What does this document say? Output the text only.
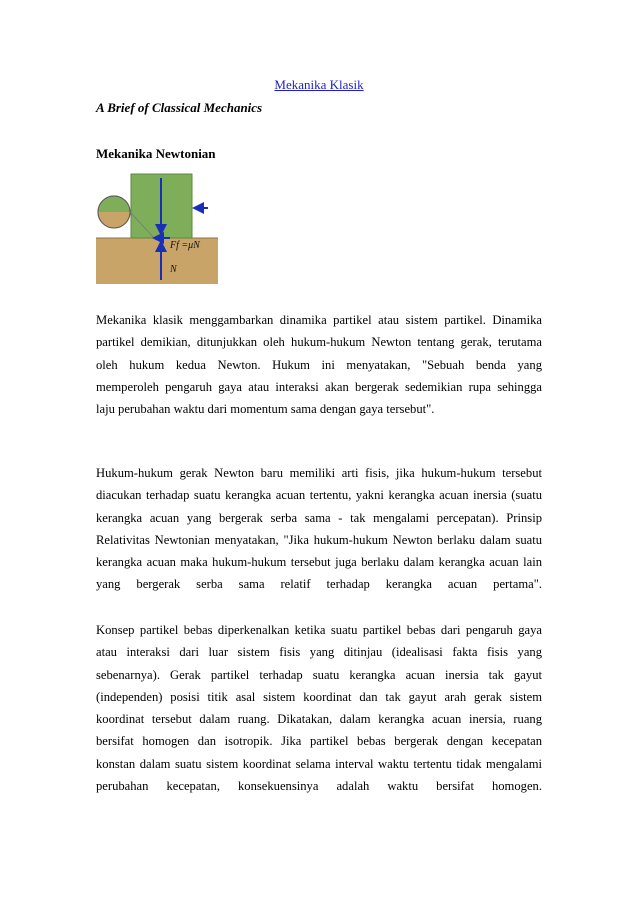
Mekanika Klasik
A Brief of Classical Mechanics
Mekanika Newtonian
Ff =μN
N
Mekanika klasik menggambarkan dinamika partikel atau sistem partikel. Dinamika
partikel demikian, ditunjukkan oleh hukum-hukum Newton tentang gerak, terutama
oleh hukum kedua Newton. Hukum ini menyatakan, "Sebuah benda yang
memperoleh pengaruh gaya atau interaksi akan bergerak sedemikian rupa sehingga
laju perubahan waktu dari momentum sama dengan gaya tersebut".
Hukum-hukum gerak Newton baru memiliki arti fisis, jika hukum-hukum tersebut
diacukan terhadap suatu kerangka acuan tertentu, yakni kerangka acuan inersia (suatu
kerangka acuan yang bergerak serba sama - tak mengalami percepatan). Prinsip
Relativitas Newtonian menyatakan, "Jika hukum-hukum Newton berlaku dalam suatu
kerangka acuan maka hukum-hukum tersebut juga berlaku dalam kerangka acuan lain
yang bergerak serba sama relatif terhadap kerangka acuan pertama".
Konsep partikel bebas diperkenalkan ketika suatu partikel bebas dari pengaruh gaya
atau interaksi dari luar sistem fisis yang ditinjau (idealisasi fakta fisis yang
sebenarnya). Gerak partikel terhadap suatu kerangka acuan inersia tak gayut
(independen) posisi titik asal sistem koordinat dan tak gayut arah gerak sistem
koordinat tersebut dalam ruang. Dikatakan, dalam kerangka acuan inersia, ruang
bersifat homogen dan isotropik. Jika partikel bebas bergerak dengan kecepatan
konstan dalam suatu sistem koordinat selama interval waktu tertentu tidak mengalami
perubahan kecepatan, konsekuensinya adalah waktu bersifat homogen.
